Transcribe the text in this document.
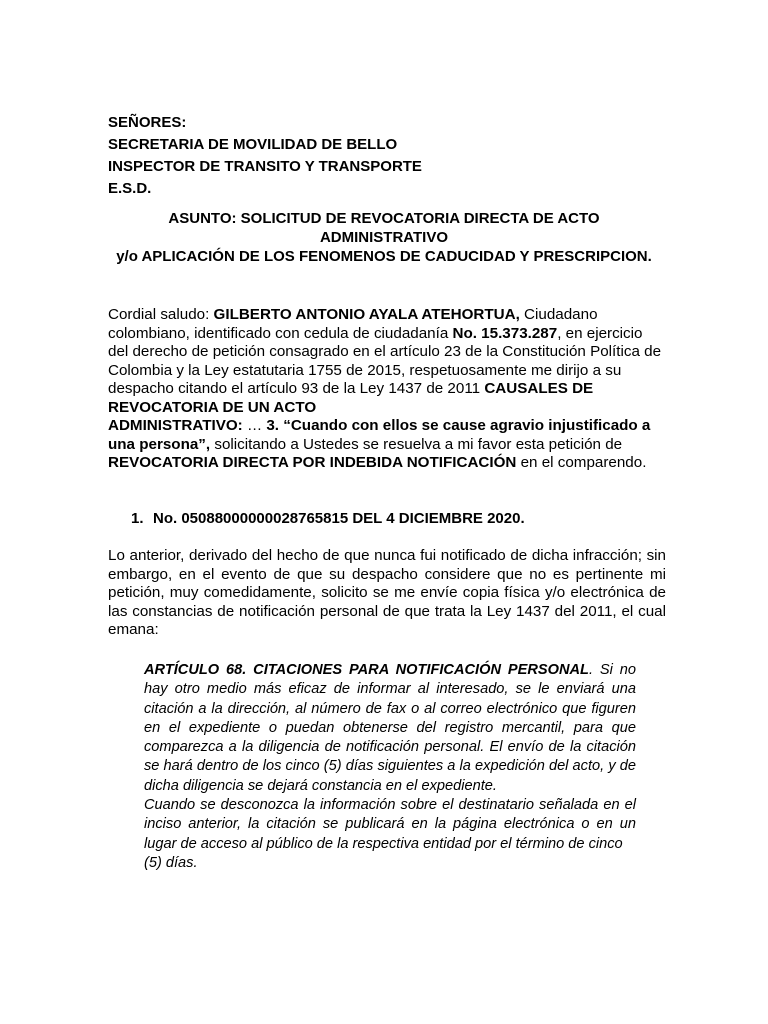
SEÑORES:
SECRETARIA DE MOVILIDAD DE BELLO
INSPECTOR DE TRANSITO Y TRANSPORTE
E.S.D.
ASUNTO: SOLICITUD DE REVOCATORIA DIRECTA DE ACTO
ADMINISTRATIVO
y/o APLICACIÓN DE LOS FENOMENOS DE CADUCIDAD Y PRESCRIPCION.
Cordial saludo: GILBERTO ANTONIO AYALA ATEHORTUA, Ciudadano colombiano, identificado con cedula de ciudadanía No. 15.373.287, en ejercicio del derecho de petición consagrado en el artículo 23 de la Constitución Política de Colombia y la Ley estatutaria 1755 de 2015, respetuosamente me dirijo a su despacho citando el artículo 93 de la Ley 1437 de 2011 CAUSALES DE
REVOCATORIA DE UN ACTO
ADMINISTRATIVO: … 3. “Cuando con ellos se cause agravio injustificado a una persona”, solicitando a Ustedes se resuelva a mi favor esta petición de REVOCATORIA DIRECTA POR INDEBIDA NOTIFICACIÓN en el comparendo.
1. No. 05088000000028765815 DEL 4 DICIEMBRE 2020.
Lo anterior, derivado del hecho de que nunca fui notificado de dicha infracción; sin embargo, en el evento de que su despacho considere que no es pertinente mi petición, muy comedidamente, solicito se me envíe copia física y/o electrónica de las constancias de notificación personal de que trata la Ley 1437 del 2011, el cual emana:

ARTÍCULO 68. CITACIONES PARA NOTIFICACIÓN PERSONAL. Si no hay otro medio más eficaz de informar al interesado, se le enviará una citación a la dirección, al número de fax o al correo electrónico que figuren en el expediente o puedan obtenerse del registro mercantil, para que comparezca a la diligencia de notificación personal. El envío de la citación se hará dentro de los cinco (5) días siguientes a la expedición del acto, y de dicha diligencia se dejará constancia en el expediente.

Cuando se desconozca la información sobre el destinatario señalada en el inciso anterior, la citación se publicará en la página electrónica o en un lugar de acceso al público de la respectiva entidad por el término de cinco

(5) días.
